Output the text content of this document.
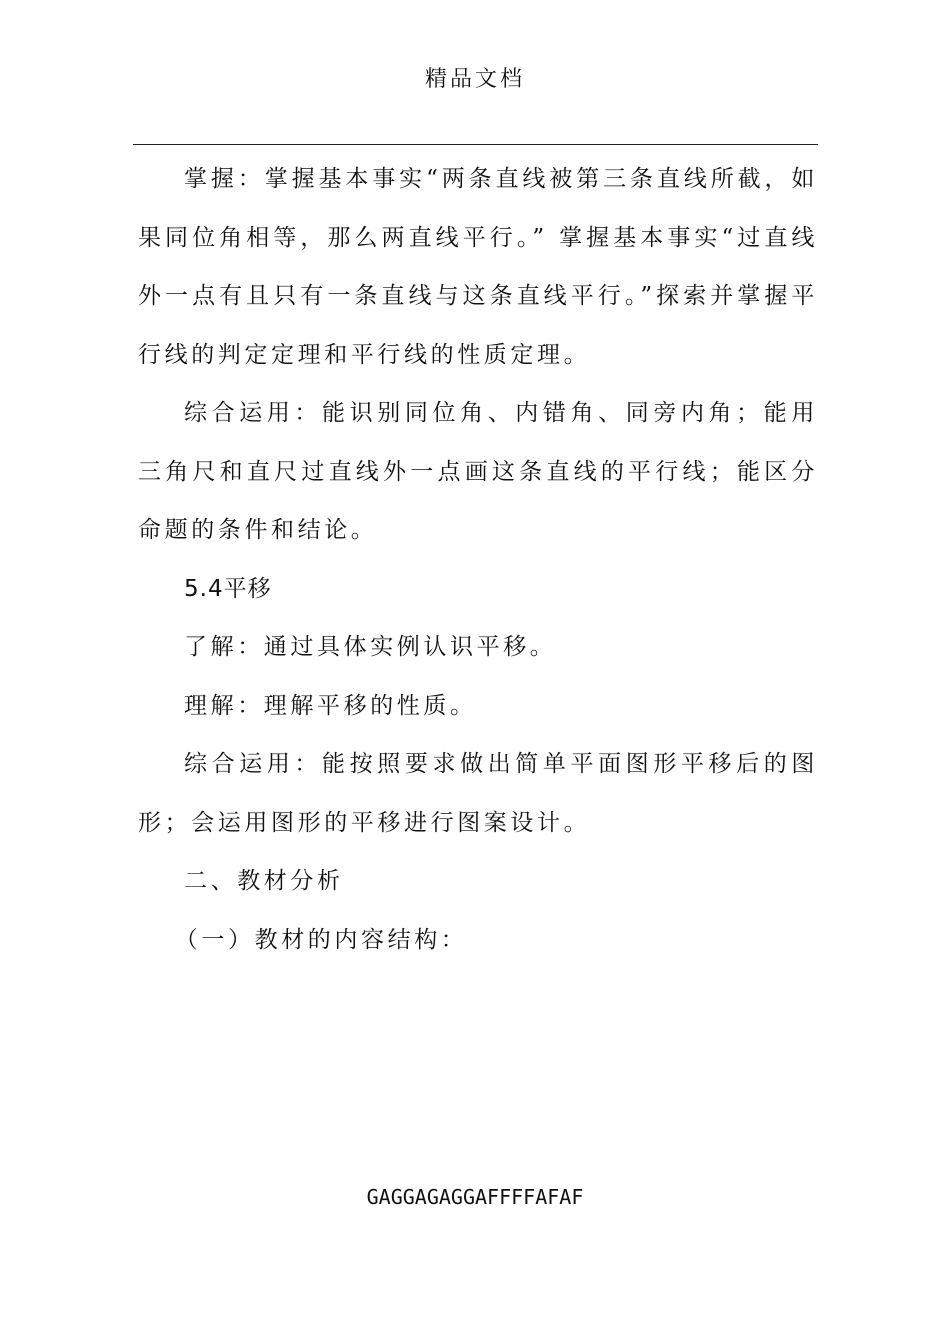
精品文档

掌握：掌握基本事实“两条直线被第三条直线所截，如果同位角相等，那么两直线平行。” 掌握基本事实“过直线外一点有且只有一条直线与这条直线平行。”探索并掌握平行线的判定定理和平行线的性质定理。

综合运用：能识别同位角、内错角、同旁内角；能用三角尺和直尺过直线外一点画这条直线的平行线；能区分命题的条件和结论。

5.4平移

了解：通过具体实例认识平移。

理解：理解平移的性质。

综合运用：能按照要求做出简单平面图形平移后的图形；会运用图形的平移进行图案设计。

二、教材分析

（一）教材的内容结构：

GAGGAGAGGAFFFFAFAF
